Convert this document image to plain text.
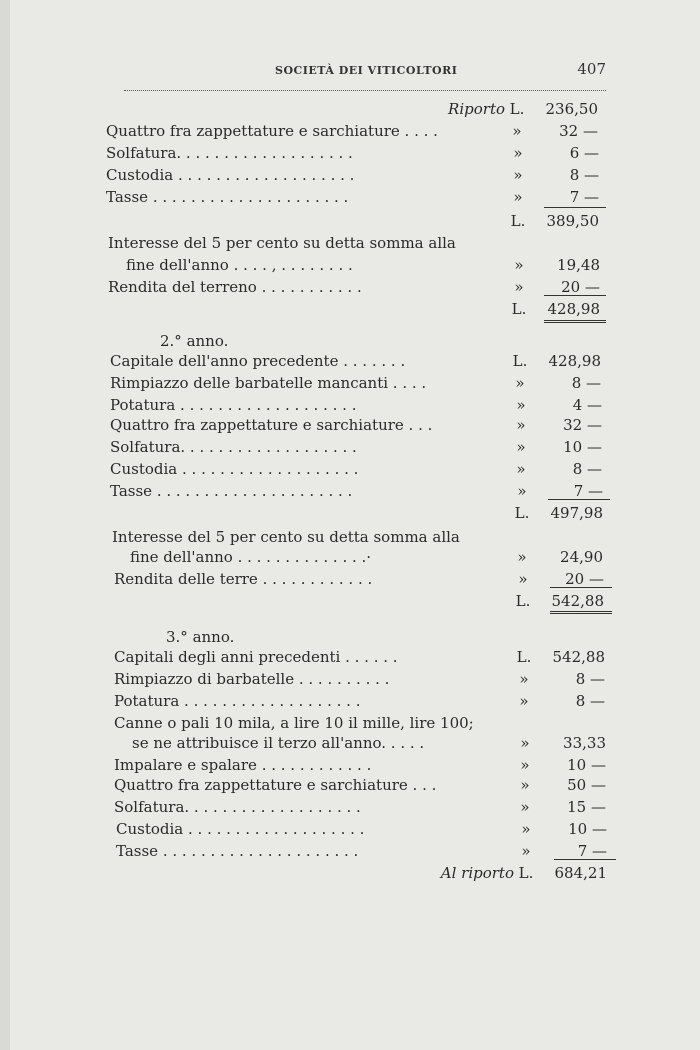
SOCIETÀ DEI VITICOLTORI	407
Riporto L.	236,50
Quattro fra zappettature e sarchiature . . . .	»	32 —
Solfatura. . . . . . . . . . . . . . . . . . .	»	6 —
Custodia . . . . . . . . . . . . . . . . . . .	»	8 —
Tasse . . . . . . . . . . . . . . . . . . . . .	»	7 —
L.	389,50
Interesse del 5 per cento su detta somma alla
fine dell'anno . . . . , . . . . . . . .	»	19,48
Rendita del terreno . . . . . . . . . . .	»	20 —
L.	428,98
2.° anno.
Capitale dell'anno precedente . . . . . . .	L.	428,98
Rimpiazzo delle barbatelle mancanti . . . .	»	8 —
Potatura . . . . . . . . . . . . . . . . . . .	»	4 —
Quattro fra zappettature e sarchiature . . .	»	32 —
Solfatura. . . . . . . . . . . . . . . . . . .	»	10 —
Custodia . . . . . . . . . . . . . . . . . . .	»	8 —
Tasse . . . . . . . . . . . . . . . . . . . . .	»	7 —
L.	497,98
Interesse del 5 per cento su detta somma alla
fine dell'anno . . . . . . . . . . . . . .·	»	24,90
Rendita delle terre . . . . . . . . . . . .	»	20 —
L.	542,88
3.° anno.
Capitali degli anni precedenti . . . . . .	L.	542,88
Rimpiazzo di barbatelle . . . . . . . . . .	»	8 —
Potatura . . . . . . . . . . . . . . . . . . .	»	8 —
Canne o pali 10 mila, a lire 10 il mille, lire 100;
se ne attribuisce il terzo all'anno. . . . .	»	33,33
Impalare e spalare . . . . . . . . . . . .	»	10 —
Quattro fra zappettature e sarchiature . . .	»	50 —
Solfatura. . . . . . . . . . . . . . . . . . .	»	15 —
Custodia . . . . . . . . . . . . . . . . . . .	»	10 —
Tasse . . . . . . . . . . . . . . . . . . . . .	»	7 —
Al riporto L.	684,21
